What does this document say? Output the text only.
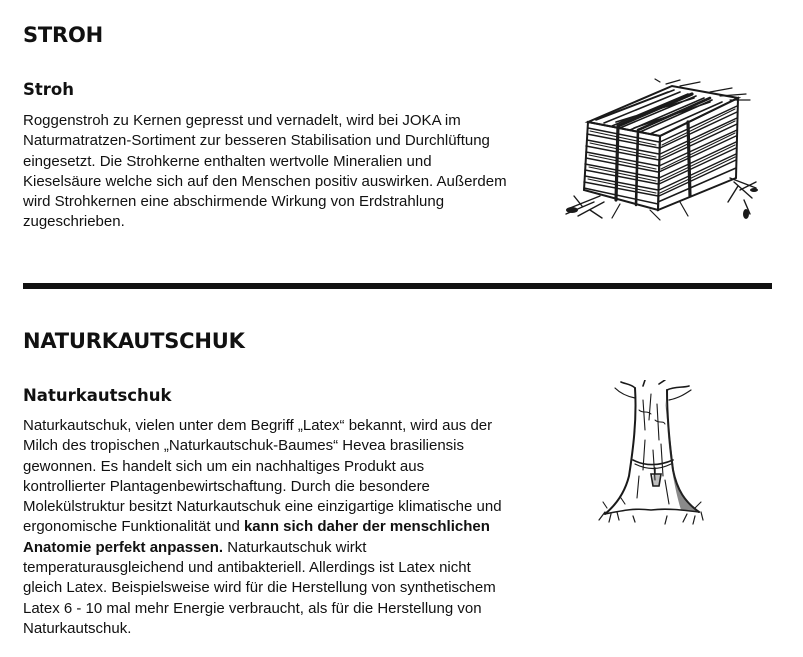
STROH
Stroh
Roggenstroh zu Kernen gepresst und vernadelt, wird bei JOKA im
Naturmatratzen-Sortiment zur besseren Stabilisation und Durchlüftung
eingesetzt. Die Strohkerne enthalten wertvolle Mineralien und
Kieselsäure welche sich auf den Menschen positiv auswirken. Außerdem
wird Strohkernen eine abschirmende Wirkung von Erdstrahlung
zugeschrieben.
NATURKAUTSCHUK
Naturkautschuk
Naturkautschuk, vielen unter dem Begriff „Latex“ bekannt, wird aus der
Milch des tropischen „Naturkautschuk-Baumes“ Hevea brasiliensis
gewonnen. Es handelt sich um ein nachhaltiges Produkt aus
kontrollierter Plantagenbewirtschaftung. Durch die besondere
Molekülstruktur besitzt Naturkautschuk eine einzigartige klimatische und
ergonomische Funktionalität und kann sich daher der menschlichen
Anatomie perfekt anpassen. Naturkautschuk wirkt
temperaturausgleichend und antibakteriell. Allerdings ist Latex nicht
gleich Latex. Beispielsweise wird für die Herstellung von synthetischem
Latex 6 - 10 mal mehr Energie verbraucht, als für die Herstellung von
Naturkautschuk.
